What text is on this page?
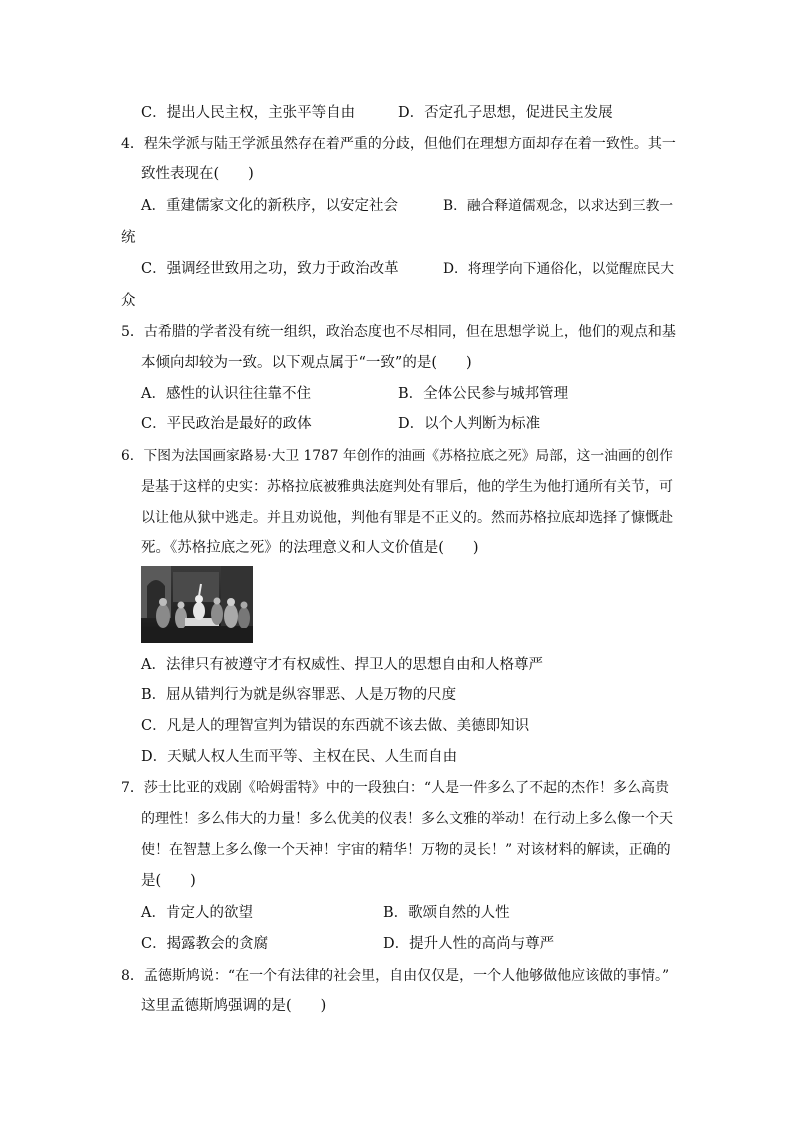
C．提出人民主权，主张平等自由	D．否定孔子思想，促进民主发展
4．程朱学派与陆王学派虽然存在着严重的分歧，但他们在理想方面却存在着一致性。其一
致性表现在(　　)
A．重建儒家文化的新秩序，以安定社会	B．融合释道儒观念，以求达到三教一
统
C．强调经世致用之功，致力于政治改革	D．将理学向下通俗化，以觉醒庶民大
众
5．古希腊的学者没有统一组织，政治态度也不尽相同，但在思想学说上，他们的观点和基
本倾向却较为一致。以下观点属于“一致”的是(　　)
A．感性的认识往往靠不住	B．全体公民参与城邦管理
C．平民政治是最好的政体	D．以个人判断为标准
6．下图为法国画家路易·大卫 1787 年创作的油画《苏格拉底之死》局部，这一油画的创作
是基于这样的史实：苏格拉底被雅典法庭判处有罪后，他的学生为他打通所有关节，可
以让他从狱中逃走。并且劝说他，判他有罪是不正义的。然而苏格拉底却选择了慷慨赴
死。《苏格拉底之死》的法理意义和人文价值是(　　)
A．法律只有被遵守才有权威性、捍卫人的思想自由和人格尊严
B．屈从错判行为就是纵容罪恶、人是万物的尺度
C．凡是人的理智宣判为错误的东西就不该去做、美德即知识
D．天赋人权人生而平等、主权在民、人生而自由
7．莎士比亚的戏剧《哈姆雷特》中的一段独白：“人是一件多么了不起的杰作！多么高贵
的理性！多么伟大的力量！多么优美的仪表！多么文雅的举动！在行动上多么像一个天
使！在智慧上多么像一个天神！宇宙的精华！万物的灵长！” 对该材料的解读，正确的
是(　　)
A．肯定人的欲望	B．歌颂自然的人性
C．揭露教会的贪腐	D．提升人性的高尚与尊严
8．孟德斯鸠说：“在一个有法律的社会里，自由仅仅是，一个人他够做他应该做的事情。”
这里孟德斯鸠强调的是(　　)
